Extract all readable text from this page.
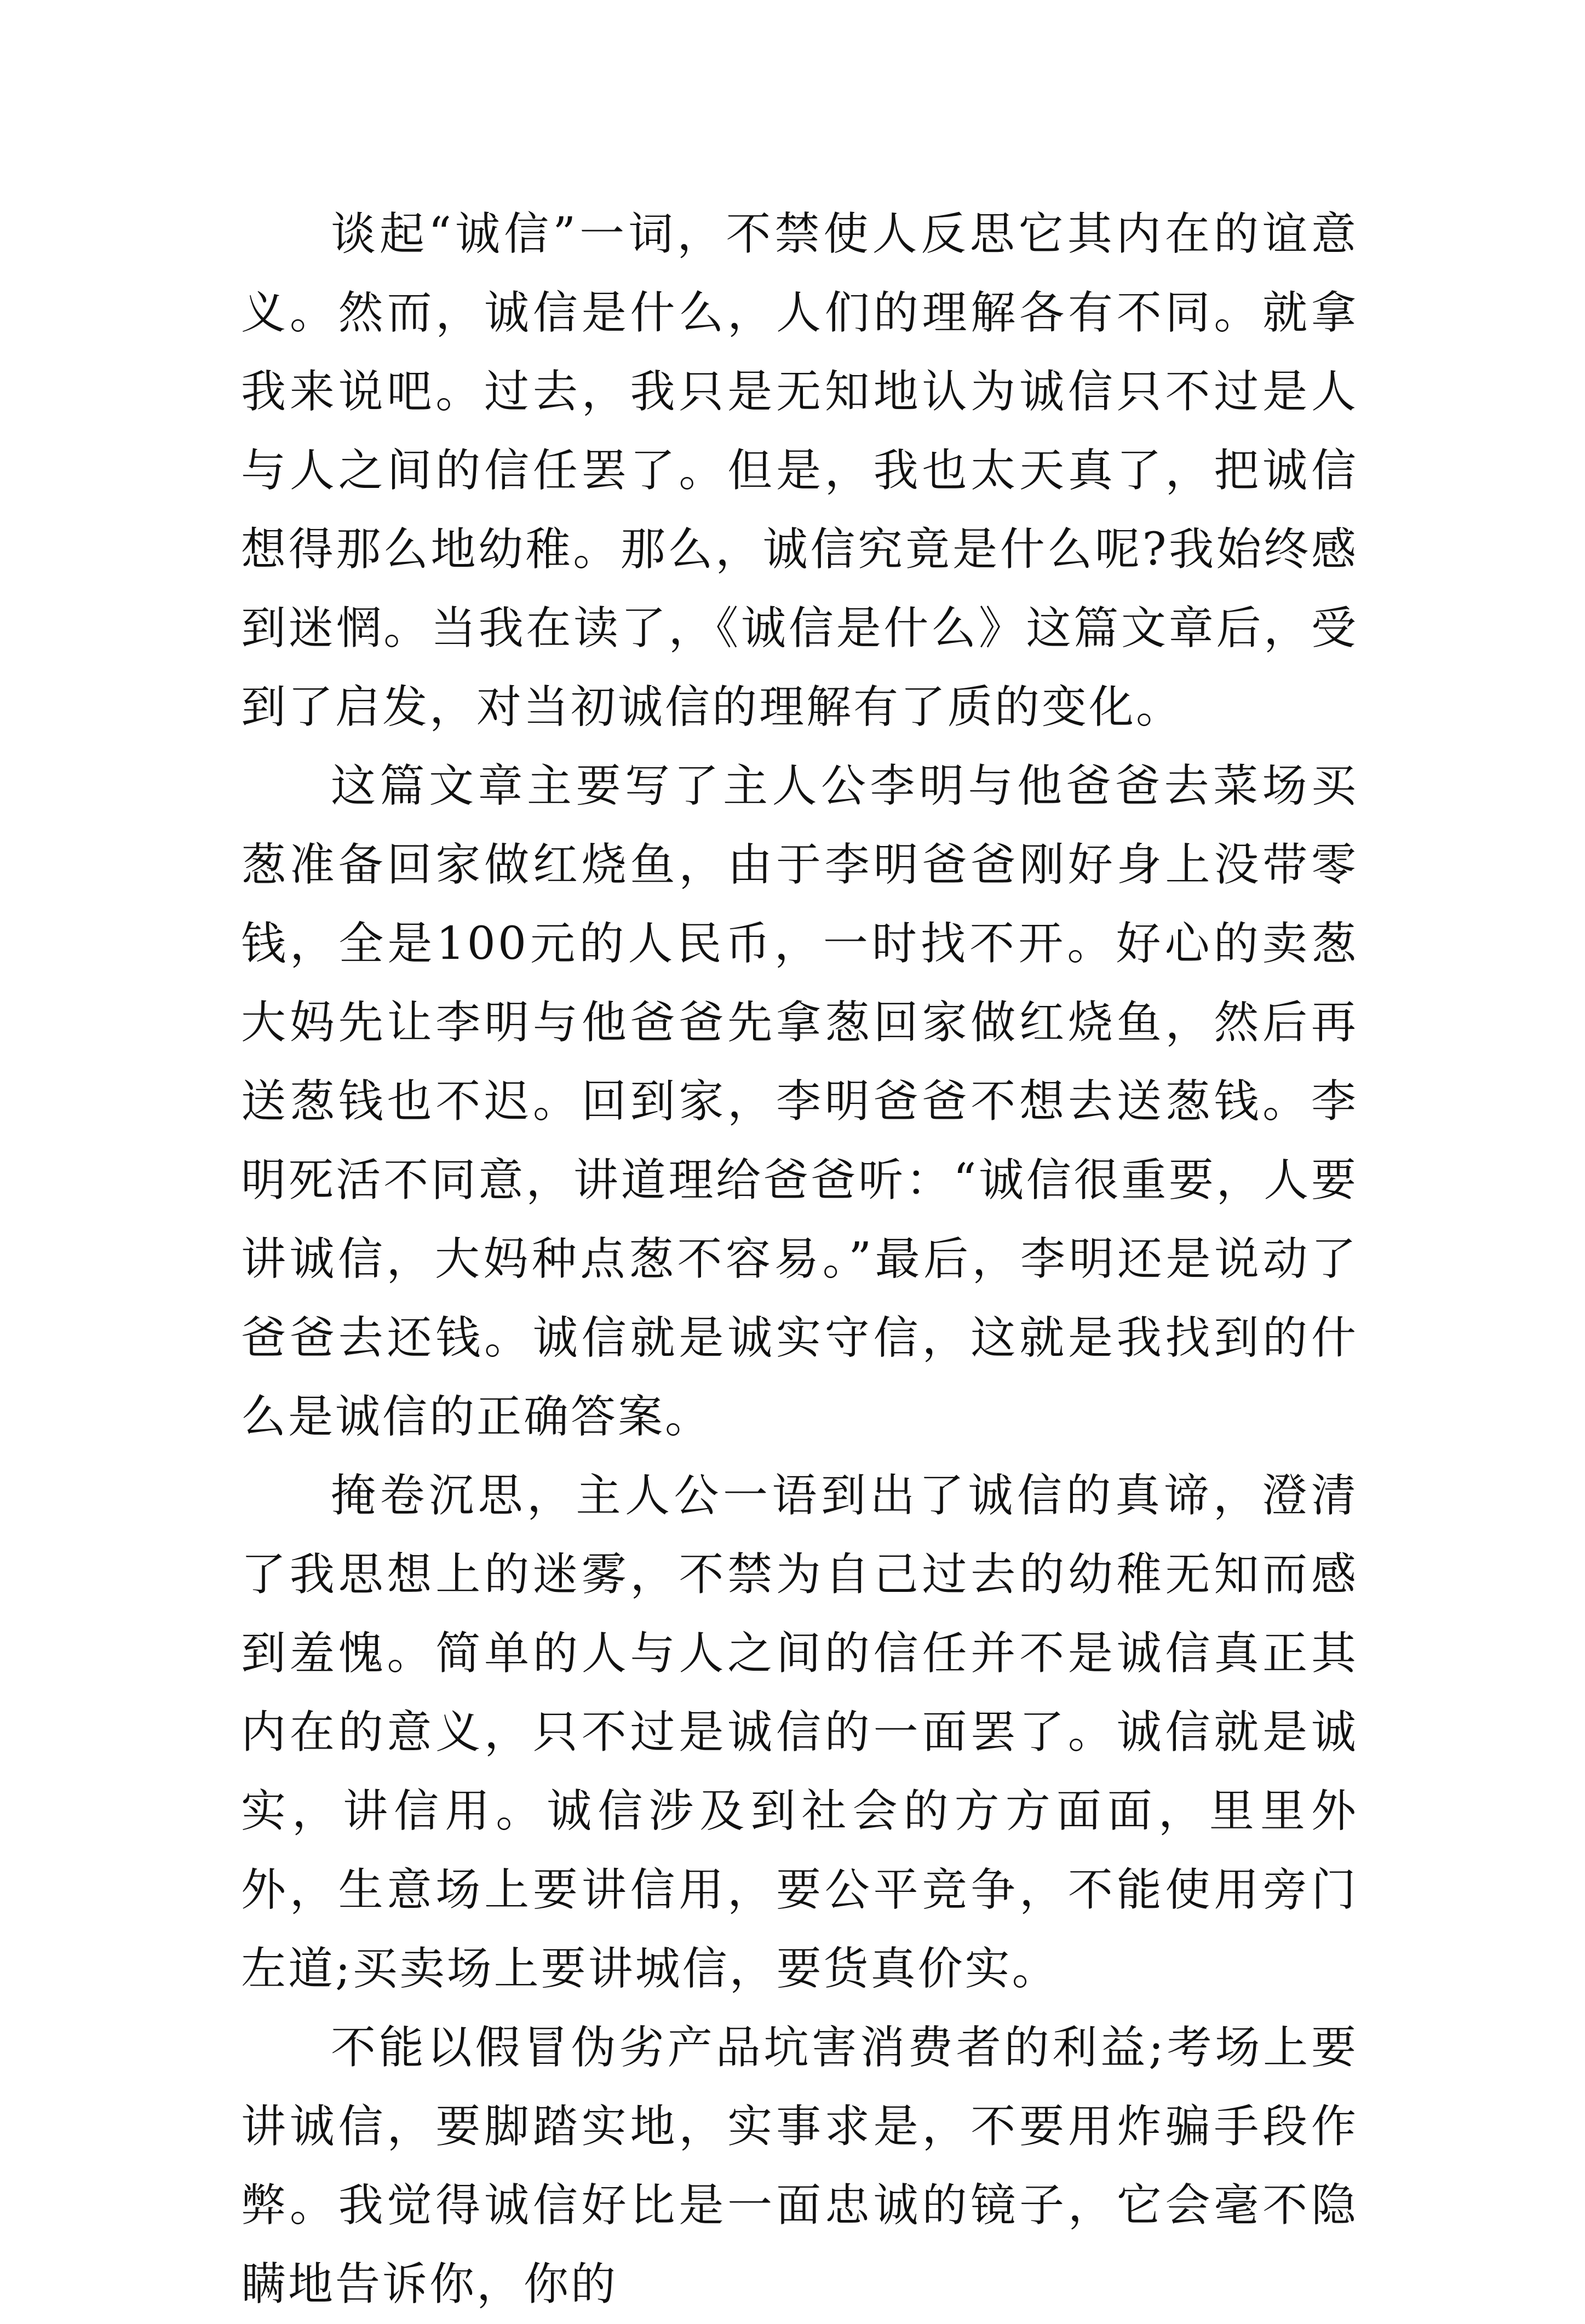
谈起“诚信”一词，不禁使人反思它其内在的谊意义。然而，诚信是什么，人们的理解各有不同。就拿我来说吧。过去，我只是无知地认为诚信只不过是人与人之间的信任罢了。但是，我也太天真了，把诚信想得那么地幼稚。那么，诚信究竟是什么呢?我始终感到迷惘。当我在读了，《诚信是什么》这篇文章后，受到了启发，对当初诚信的理解有了质的变化。

这篇文章主要写了主人公李明与他爸爸去菜场买葱准备回家做红烧鱼，由于李明爸爸刚好身上没带零钱，全是100元的人民币，一时找不开。好心的卖葱大妈先让李明与他爸爸先拿葱回家做红烧鱼，然后再送葱钱也不迟。回到家，李明爸爸不想去送葱钱。李明死活不同意，讲道理给爸爸听：“诚信很重要，人要讲诚信，大妈种点葱不容易。”最后，李明还是说动了爸爸去还钱。诚信就是诚实守信，这就是我找到的什么是诚信的正确答案。

掩卷沉思，主人公一语到出了诚信的真谛，澄清了我思想上的迷雾，不禁为自己过去的幼稚无知而感到羞愧。简单的人与人之间的信任并不是诚信真正其内在的意义，只不过是诚信的一面罢了。诚信就是诚实，讲信用。诚信涉及到社会的方方面面，里里外外，生意场上要讲信用，要公平竞争，不能使用旁门左道;买卖场上要讲城信，要货真价实。

不能以假冒伪劣产品坑害消费者的利益;考场上要讲诚信，要脚踏实地，实事求是，不要用炸骗手段作弊。我觉得诚信好比是一面忠诚的镜子，它会毫不隐瞒地告诉你，你的
